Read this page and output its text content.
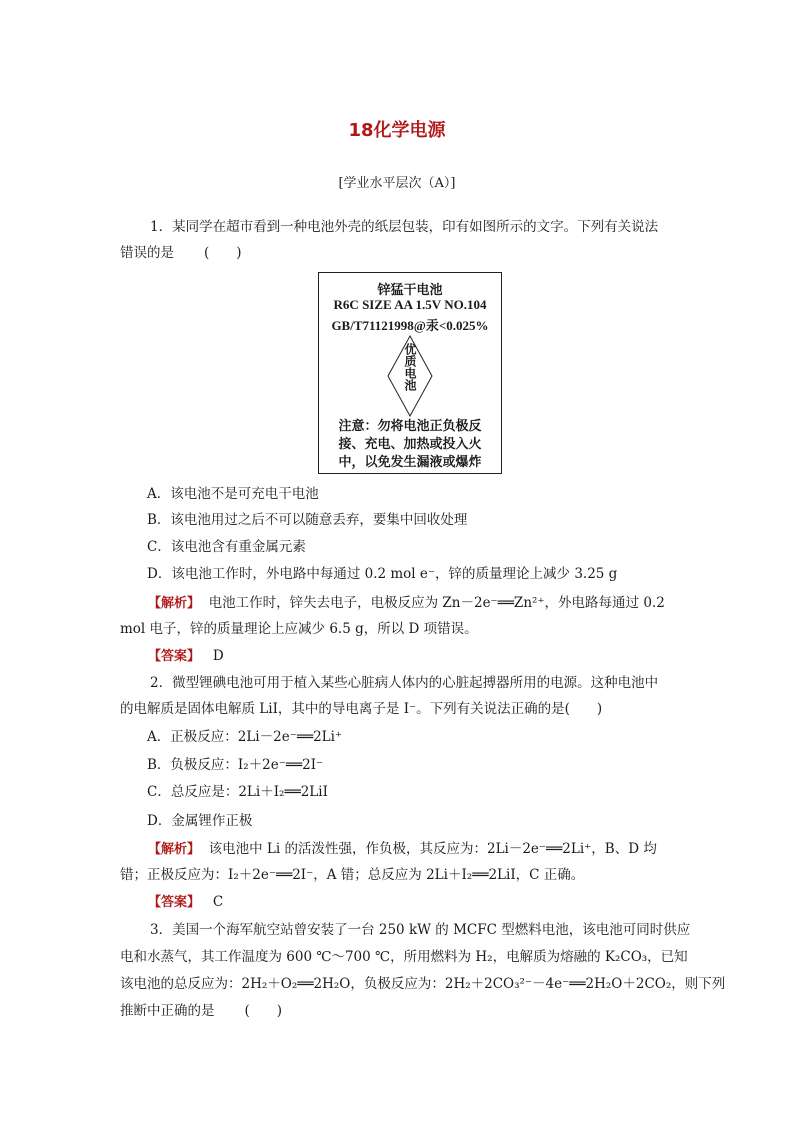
18化学电源
[学业水平层次（A）]
1．某同学在超市看到一种电池外壳的纸层包装，印有如图所示的文字。下列有关说法
错误的是 (　　)
锌猛干电池
R6C SIZE AA 1.5V NO.104
GB/T71121998@汞<0.025%
优质电池
注意：勿将电池正负极反
接、充电、加热或投入火
中，以免发生漏液或爆炸
A．该电池不是可充电干电池
B．该电池用过之后不可以随意丢弃，要集中回收处理
C．该电池含有重金属元素
D．该电池工作时，外电路中每通过 0.2 mol e⁻，锌的质量理论上减少 3.25 g
【解析】 电池工作时，锌失去电子，电极反应为 Zn－2e⁻══Zn²⁺，外电路每通过 0.2
mol 电子，锌的质量理论上应减少 6.5 g，所以 D 项错误。
【答案】 D
2．微型锂碘电池可用于植入某些心脏病人体内的心脏起搏器所用的电源。这种电池中
的电解质是固体电解质 LiI，其中的导电离子是 I⁻。下列有关说法正确的是(　　)
A．正极反应：2Li－2e⁻══2Li⁺
B．负极反应：I₂＋2e⁻══2I⁻
C．总反应是：2Li＋I₂══2LiI
D．金属锂作正极
【解析】 该电池中 Li 的活泼性强，作负极，其反应为：2Li－2e⁻══2Li⁺，B、D 均
错；正极反应为：I₂＋2e⁻══2I⁻，A 错；总反应为 2Li＋I₂══2LiI，C 正确。
【答案】 C
3．美国一个海军航空站曾安装了一台 250 kW 的 MCFC 型燃料电池，该电池可同时供应
电和水蒸气，其工作温度为 600 ℃～700 ℃，所用燃料为 H₂，电解质为熔融的 K₂CO₃，已知
该电池的总反应为：2H₂＋O₂══2H₂O，负极反应为：2H₂＋2CO₃²⁻－4e⁻══2H₂O＋2CO₂，则下列
推断中正确的是 (　　)
